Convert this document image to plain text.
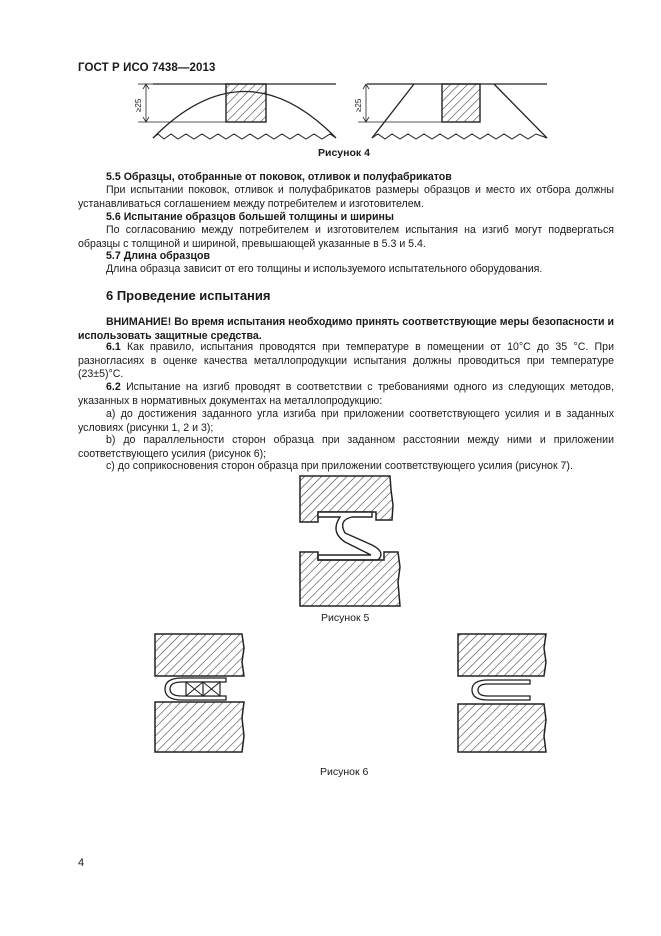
ГОСТ Р ИСО 7438—2013
≥25	≥25
Рисунок 4
5.5 Образцы, отобранные от поковок, отливок и полуфабрикатов
При испытании поковок, отливок и полуфабрикатов размеры образцов и место их отбора должны устанавливаться соглашением между потребителем и изготовителем.
5.6 Испытание образцов большей толщины и ширины
По согласованию между потребителем и изготовителем испытания на изгиб могут подвергаться образцы с толщиной и шириной, превышающей указанные в 5.3 и 5.4.
5.7 Длина образцов
Длина образца зависит от его толщины и используемого испытательного оборудования.
6 Проведение испытания
ВНИМАНИЕ! Во время испытания необходимо принять соответствующие меры безопасности и использовать защитные средства.
6.1 Как правило, испытания проводятся при температуре в помещении от 10°С до 35 °С. При разногласиях в оценке качества металлопродукции испытания должны проводиться при температуре (23±5)°С.
6.2 Испытание на изгиб проводят в соответствии с требованиями одного из следующих методов, указанных в нормативных документах на металлопродукцию:
а) до достижения заданного угла изгиба при приложении соответствующего усилия и в заданных условиях (рисунки 1, 2 и 3);
b) до параллельности сторон образца при заданном расстоянии между ними и приложении соответствующего усилия (рисунок 6);
c) до соприкосновения сторон образца при приложении соответствующего усилия (рисунок 7).
Рисунок 5
Рисунок 6
4
